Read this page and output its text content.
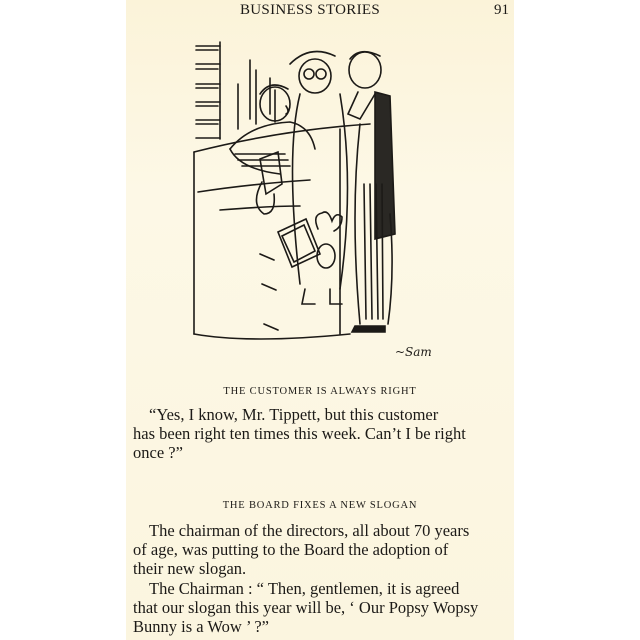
BUSINESS STORIES	91
~Sam
THE CUSTOMER IS ALWAYS RIGHT
“Yes, I know, Mr. Tippett, but this customer
has been right ten times this week. Can’t I be right
once ?”
THE BOARD FIXES A NEW SLOGAN
The chairman of the directors, all about 70 years
of age, was putting to the Board the adoption of
their new slogan.
The Chairman : “ Then, gentlemen, it is agreed
that our slogan this year will be, ‘ Our Popsy Wopsy
Bunny is a Wow ’ ?”
